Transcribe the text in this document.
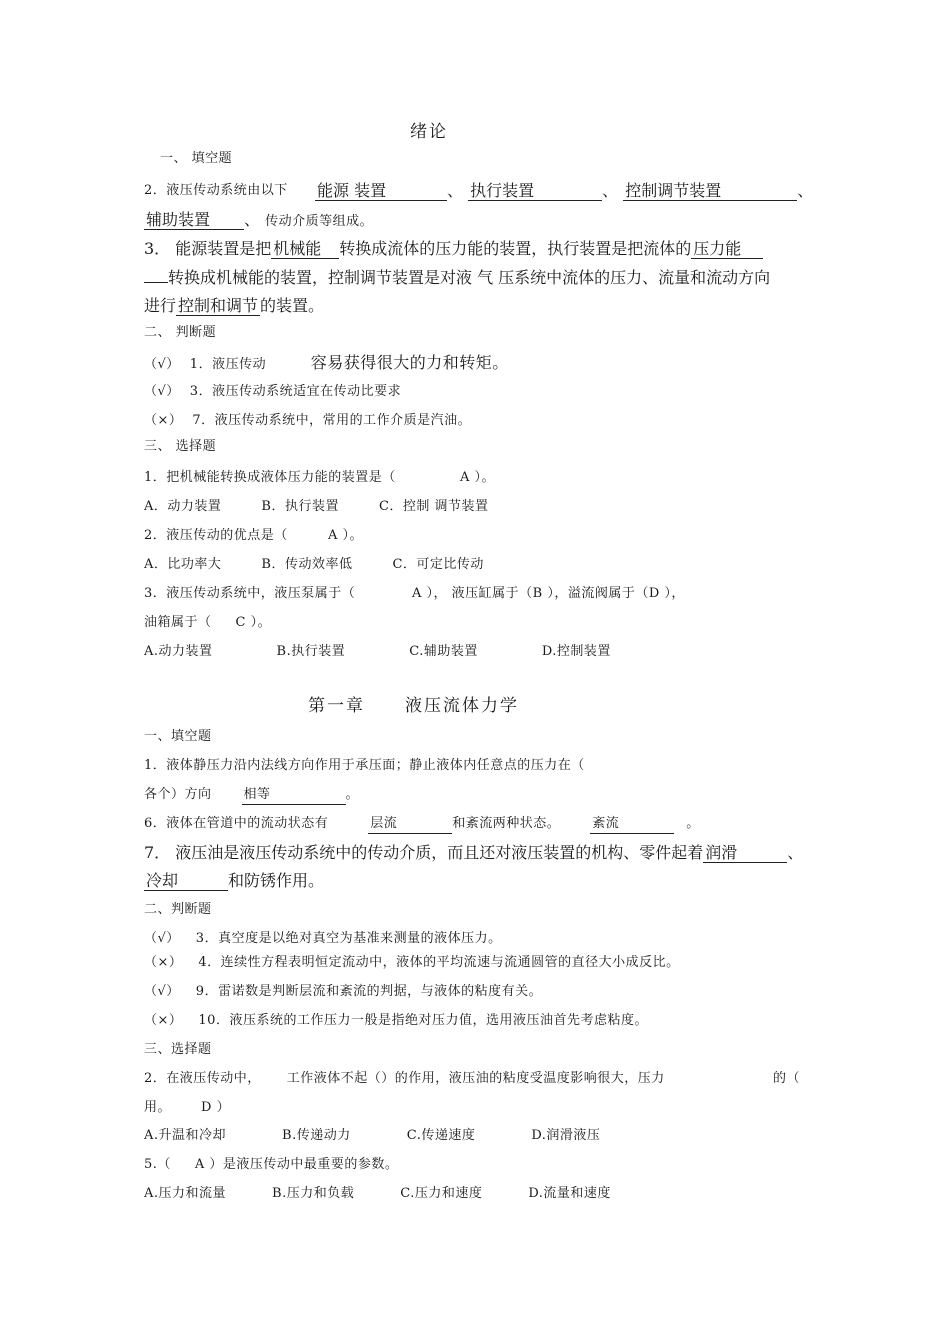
绪论
一、 填空题
2．液压传动系统由以下 能源 装置	、 执行装置	、 控制调节装置	、
辅助装置 、 传动介质等组成。
3． 能源装置是把 机械能 转换成流体的压力能的装置，执行装置是把流体的 压力能
转换成机械能的装置，控制调节装置是对液 气 压系统中流体的压力、流量和流动方向
进行 控制和调节 的装置。
二、 判断题
（√） 1．液压传动	容易获得很大的力和转矩。
（√） 3．液压传动系统适宜在传动比要求
（×） 7．液压传动系统中，常用的工作介质是汽油。
三、 选择题
1．把机械能转换成液体压力能的装置是（	A ）。
A．动力装置	B．执行装置	C．控制 调节装置
2．液压传动的优点是（	A ）。
A．比功率大	B．传动效率低	C．可定比传动
3．液压传动系统中，液压泵属于（	A ）， 液压缸属于（B ），溢流阀属于（D ），
油箱属于（ C ）。
A.动力装置	B.执行装置	C.辅助装置	D.控制装置
第一章 液压流体力学
一、填空题
1．液体静压力沿内法线方向作用于承压面；静止液体内任意点的压力在（
各个）方向 相等	。
6．液体在管道中的流动状态有	层流	和紊流两种状态。 紊流	。
7． 液压油是液压传动系统中的传动介质，而且还对液压装置的机构、零件起着 润滑	、
冷却	和防锈作用。
二、判断题
（√） 3．真空度是以绝对真空为基准来测量的液体压力。
（×） 4．连续性方程表明恒定流动中，液体的平均流速与流通圆管的直径大小成反比。
（√） 9．雷诺数是判断层流和紊流的判据，与液体的粘度有关。
（×） 10．液压系统的工作压力一般是指绝对压力值，选用液压油首先考虑粘度。
三、选择题
2．在液压传动中， 工作液体不起（）的作用，液压油的粘度受温度影响很大，压力	的（
用。 D ）
A.升温和冷却	B.传递动力	C.传递速度	D.润滑液压
5.（ A ）是液压传动中最重要的参数。
A.压力和流量	B.压力和负载	C.压力和速度	D.流量和速度
